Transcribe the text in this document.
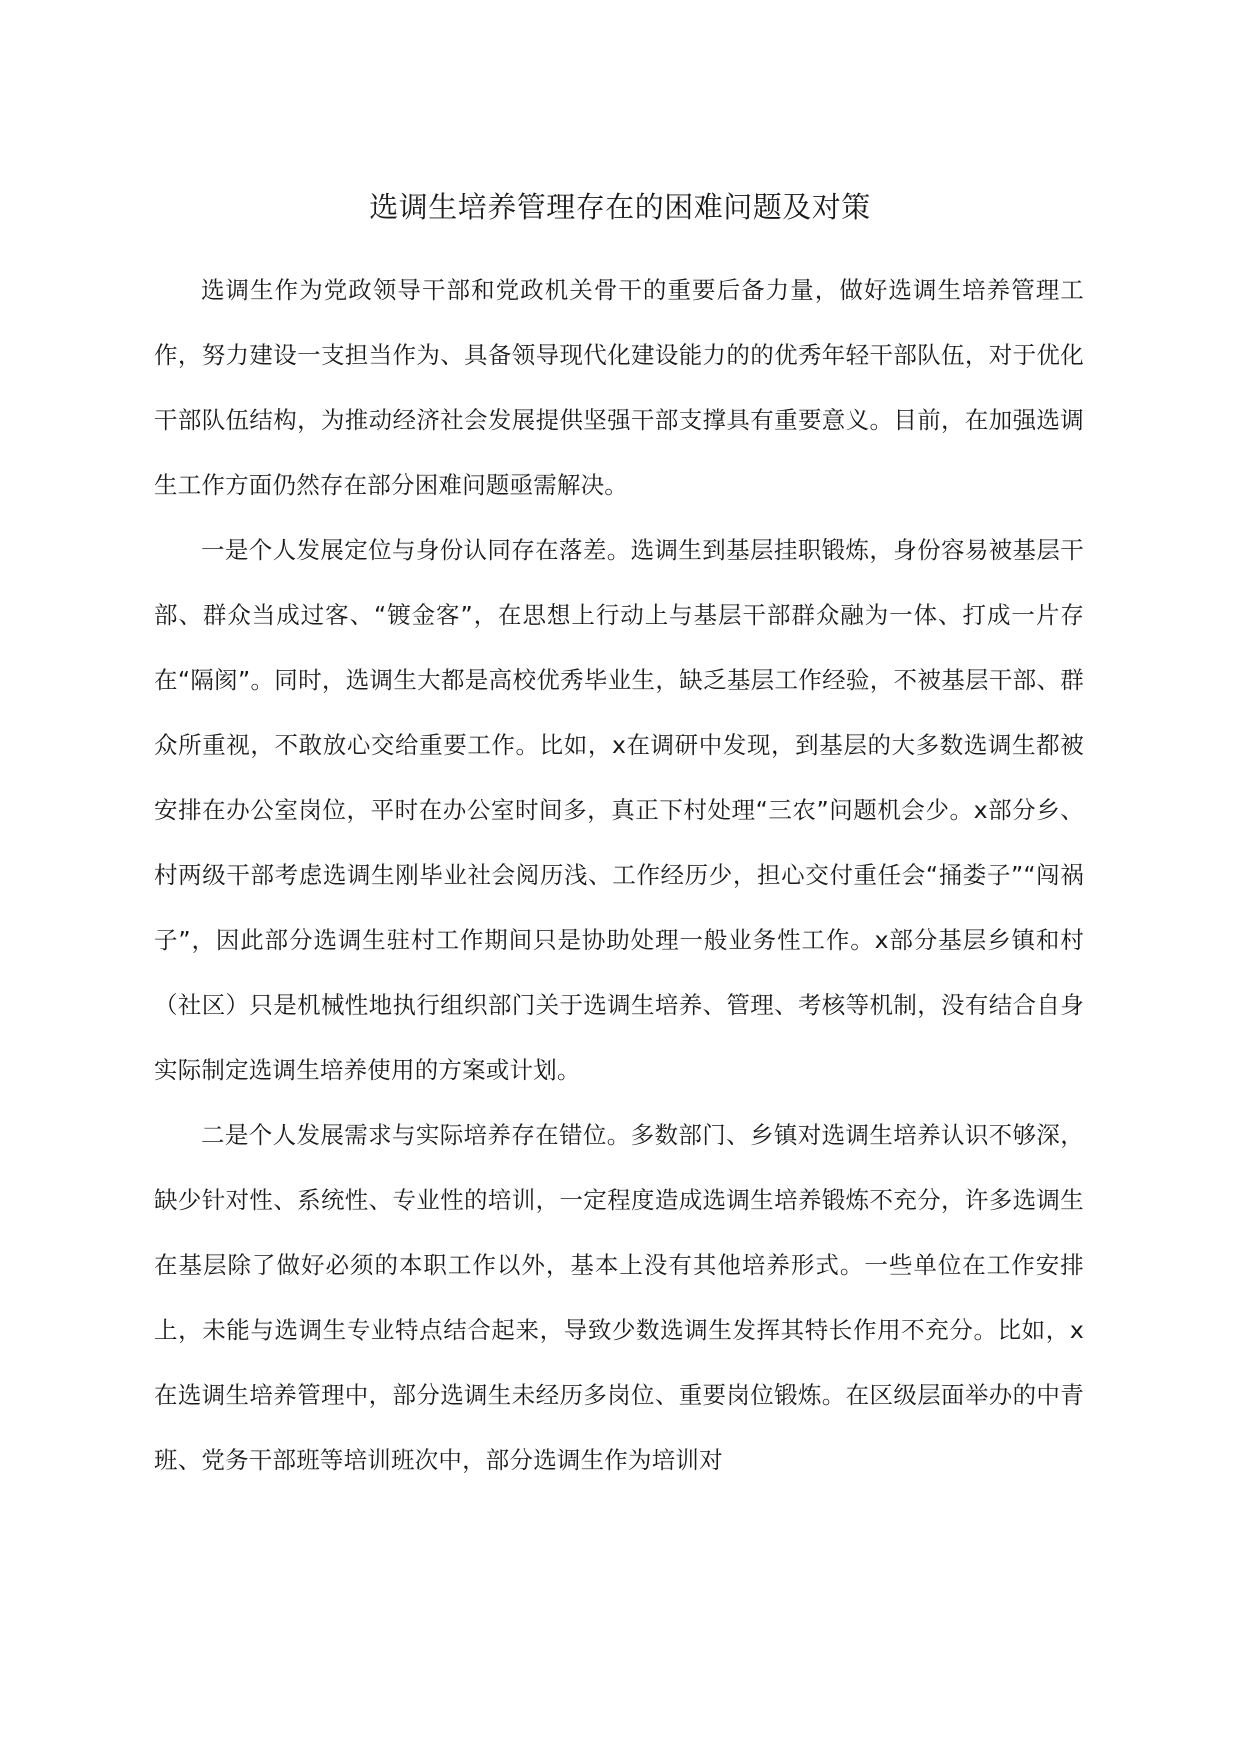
选调生培养管理存在的困难问题及对策

选调生作为党政领导干部和党政机关骨干的重要后备力量，做好选调生培养管理工作，努力建设一支担当作为、具备领导现代化建设能力的的优秀年轻干部队伍，对于优化干部队伍结构，为推动经济社会发展提供坚强干部支撑具有重要意义。目前，在加强选调生工作方面仍然存在部分困难问题亟需解决。

一是个人发展定位与身份认同存在落差。选调生到基层挂职锻炼，身份容易被基层干部、群众当成过客、“镀金客”，在思想上行动上与基层干部群众融为一体、打成一片存在“隔阂”。同时，选调生大都是高校优秀毕业生，缺乏基层工作经验，不被基层干部、群众所重视，不敢放心交给重要工作。比如，x在调研中发现，到基层的大多数选调生都被安排在办公室岗位，平时在办公室时间多，真正下村处理“三农”问题机会少。x部分乡、村两级干部考虑选调生刚毕业社会阅历浅、工作经历少，担心交付重任会“捅娄子”“闯祸子”，因此部分选调生驻村工作期间只是协助处理一般业务性工作。x部分基层乡镇和村（社区）只是机械性地执行组织部门关于选调生培养、管理、考核等机制，没有结合自身实际制定选调生培养使用的方案或计划。

二是个人发展需求与实际培养存在错位。多数部门、乡镇对选调生培养认识不够深，缺少针对性、系统性、专业性的培训，一定程度造成选调生培养锻炼不充分，许多选调生在基层除了做好必须的本职工作以外，基本上没有其他培养形式。一些单位在工作安排上，未能与选调生专业特点结合起来，导致少数选调生发挥其特长作用不充分。比如，x在选调生培养管理中，部分选调生未经历多岗位、重要岗位锻炼。在区级层面举办的中青班、党务干部班等培训班次中，部分选调生作为培训对
